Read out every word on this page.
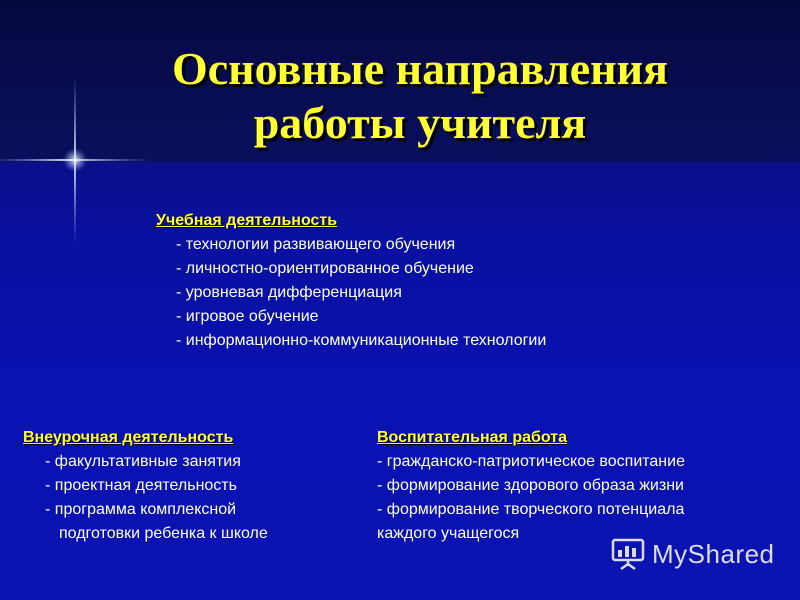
Основные направления
работы учителя
Учебная деятельность
- технологии развивающего обучения
- личностно-ориентированное обучение
- уровневая дифференциация
- игровое обучение
- информационно-коммуникационные технологии
Внеурочная деятельность
- факультативные занятия
- проектная деятельность
- программа комплексной
подготовки ребенка к школе
Воспитательная работа
- гражданско-патриотическое воспитание
- формирование здорового образа жизни
- формирование творческого потенциала
каждого учащегося
MyShared
